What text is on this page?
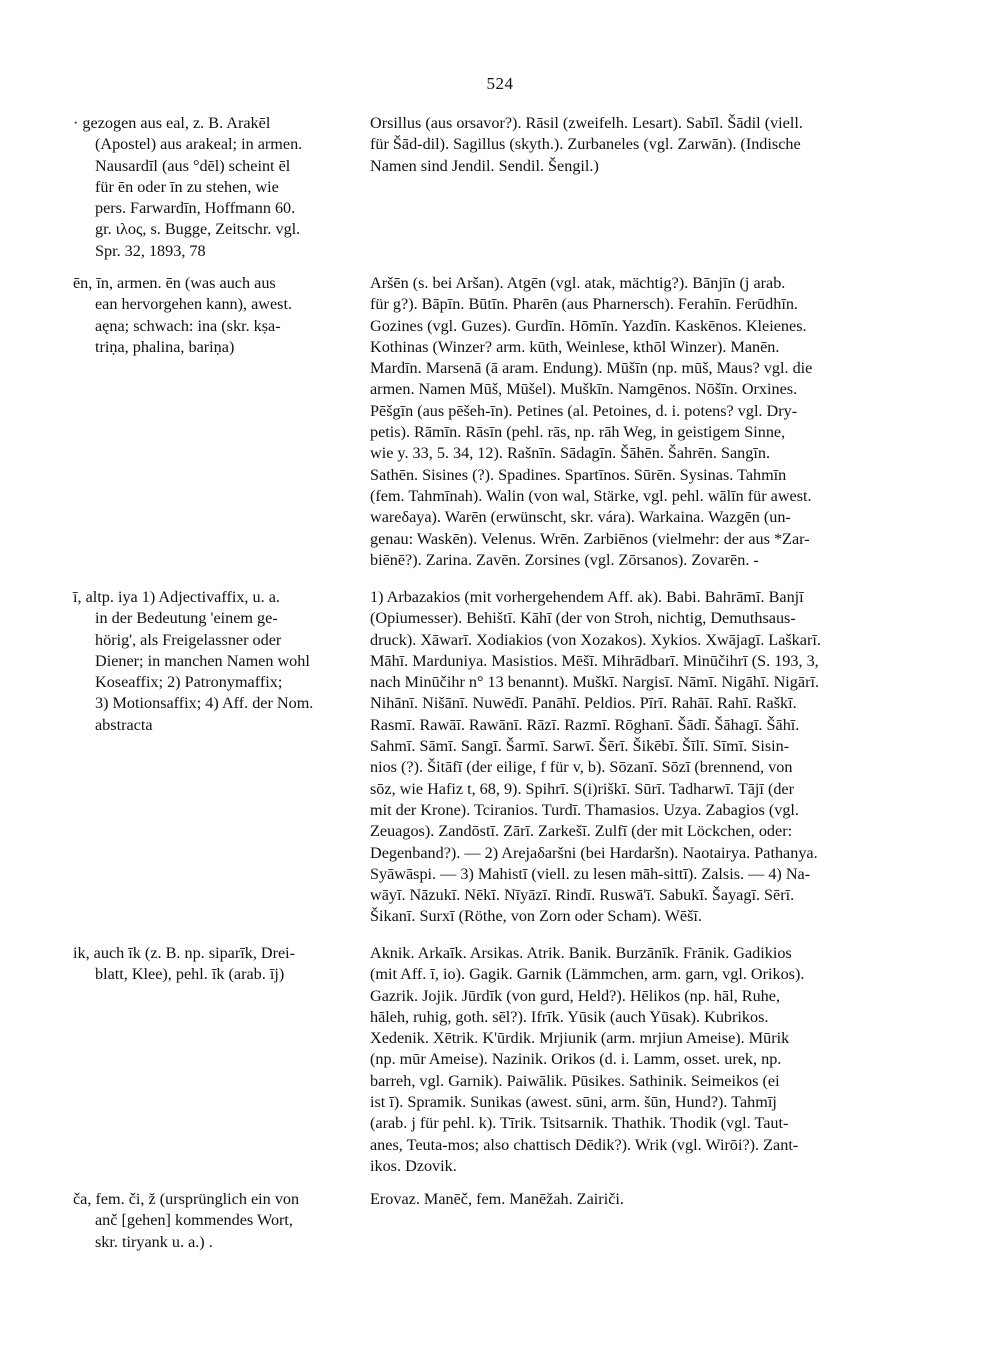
524
· gezogen aus eal, z. B. Arakēl
(Apostel) aus arakeal; in armen.
Nausardīl (aus °dēl) scheint ēl
für ēn oder īn zu stehen, wie
pers. Farwardīn, Hoffmann 60.
gr. ιλος, s. Bugge, Zeitschr. vgl.
Spr. 32, 1893, 78
ēn, īn, armen. ēn (was auch aus
ean hervorgehen kann), awest.
aęna; schwach: ina (skr. kṣa-
triṇa, phalina, bariṇa)
ī, altp. iya 1) Adjectivaffix, u. a.
in der Bedeutung 'einem ge-
hörig', als Freigelassner oder
Diener; in manchen Namen wohl
Koseaffix; 2) Patronymaffix;
3) Motionsaffix; 4) Aff. der Nom.
abstracta
ik, auch īk (z. B. np. siparīk, Drei-
blatt, Klee), pehl. īk (arab. īj)
ča, fem. či, ž (ursprünglich ein von
anč [gehen] kommendes Wort,
skr. tiryank u. a.) .
Orsillus (aus orsavor?). Rāsil (zweifelh. Lesart). Sabīl. Šādil (viell.
für Šād-dil). Sagillus (skyth.). Zurbaneles (vgl. Zarwān). (Indische
Namen sind Jendil. Sendil. Šengil.)
Aršēn (s. bei Aršan). Atgēn (vgl. atak, mächtig?). Bānjīn (j arab.
für g?). Bāpīn. Būtīn. Pharēn (aus Pharnersch). Ferahīn. Ferūdhīn.
Gozines (vgl. Guzes). Gurdīn. Hōmīn. Yazdīn. Kaskēnos. Kleienes.
Kothinas (Winzer? arm. kūth, Weinlese, kthōl Winzer). Manēn.
Mardīn. Marsenā (ā aram. Endung). Mūšīn (np. mūš, Maus? vgl. die
armen. Namen Mūš, Mūšel). Muškīn. Namgēnos. Nōšīn. Orxines.
Pēšgīn (aus pēšeh-īn). Petines (al. Petoines, d. i. potens? vgl. Dry-
petis). Rāmīn. Rāsīn (pehl. rās, np. rāh Weg, in geistigem Sinne,
wie y. 33, 5. 34, 12). Rašnīn. Sādagīn. Šāhēn. Šahrēn. Sangīn.
Sathēn. Sisines (?). Spadines. Spartīnos. Sūrēn. Sysinas. Tahmīn
(fem. Tahmīnah). Walin (von wal, Stärke, vgl. pehl. wālīn für awest.
wareδaya). Warēn (erwünscht, skr. vára). Warkaina. Wazgēn (un-
genau: Waskēn). Velenus. Wrēn. Zarbiēnos (vielmehr: der aus *Zar-
biēnē?). Zarina. Zavēn. Zorsines (vgl. Zōrsanos). Zovarēn. -
1) Arbazakios (mit vorhergehendem Aff. ak). Babi. Bahrāmī. Banjī
(Opiumesser). Behištī. Kāhī (der von Stroh, nichtig, Demuthsaus-
druck). Xāwarī. Xodiakios (von Xozakos). Xykios. Xwājagī. Laškarī.
Māhī. Marduniya. Masistios. Mēšī. Mihrādbarī. Minūčihrī (S. 193, 3,
nach Minūčihr n° 13 benannt). Muškī. Nargisī. Nāmī. Nigāhī. Nigārī.
Nihānī. Nišānī. Nuwēdī. Panāhī. Peldios. Pīrī. Rahāī. Rahī. Raškī.
Rasmī. Rawāī. Rawānī. Rāzī. Razmī. Rōghanī. Šādī. Šāhagī. Šāhī.
Sahmī. Sāmī. Sangī. Šarmī. Sarwī. Šērī. Šikēbī. Šīlī. Sīmī. Sisin-
nios (?). Šitāfī (der eilige, f für v, b). Sōzanī. Sōzī (brennend, von
sōz, wie Hafiz t, 68, 9). Spihrī. S(i)riškī. Sūrī. Tadharwī. Tājī (der
mit der Krone). Tciranios. Turdī. Thamasios. Uzya. Zabagios (vgl.
Zeuagos). Zandōstī. Zārī. Zarkešī. Zulfī (der mit Löckchen, oder:
Degenband?). — 2) Arejaδaršni (bei Hardaršn). Naotairya. Pathanya.
Syāwāspi. — 3) Mahistī (viell. zu lesen māh-sittī). Zalsis. — 4) Na-
wāyī. Nāzukī. Nēkī. Nīyāzī. Rindī. Ruswā'ī. Sabukī. Šayagī. Sērī.
Šikanī. Surxī (Röthe, von Zorn oder Scham). Wēšī.
Aknik. Arkaīk. Arsikas. Atrik. Banik. Burzānīk. Frānik. Gadikios
(mit Aff. ī, io). Gagik. Garnik (Lämmchen, arm. garn, vgl. Orikos).
Gazrik. Jojik. Jūrdīk (von gurd, Held?). Hēlikos (np. hāl, Ruhe,
hāleh, ruhig, goth. sēl?). Ifrīk. Yūsik (auch Yūsak). Kubrikos.
Xedenik. Xētrik. K'ūrdik. Mrjiunik (arm. mrjiun Ameise). Mūrik
(np. mūr Ameise). Nazinik. Orikos (d. i. Lamm, osset. urek, np.
barreh, vgl. Garnik). Paiwālik. Pūsikes. Sathinik. Seimeikos (ei
ist ī). Spramik. Sunikas (awest. sūni, arm. šūn, Hund?). Tahmīj
(arab. j für pehl. k). Tīrik. Tsitsarnik. Thathik. Thodik (vgl. Taut-
anes, Teuta-mos; also chattisch Dēdik?). Wrik (vgl. Wirōi?). Zant-
ikos. Dzovik.
Erovaz. Manēč, fem. Manēžah. Zairiči.
